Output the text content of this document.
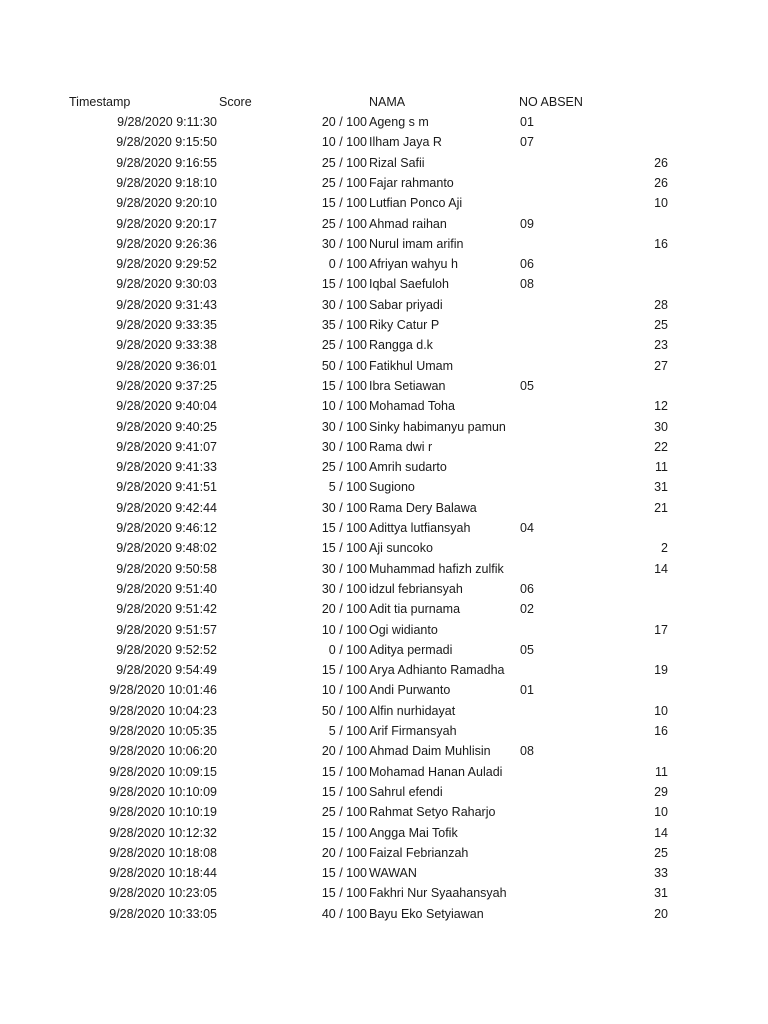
Timestamp	Score	NAMA	NO ABSEN
9/28/2020 9:11:30	20 / 100 Ageng s m	01
9/28/2020 9:15:50	10 / 100 Ilham Jaya R	07
9/28/2020 9:16:55	25 / 100 Rizal Safii	26
9/28/2020 9:18:10	25 / 100 Fajar rahmanto	26
9/28/2020 9:20:10	15 / 100 Lutfian Ponco Aji	10
9/28/2020 9:20:17	25 / 100 Ahmad raihan	09
9/28/2020 9:26:36	30 / 100 Nurul imam arifin	16
9/28/2020 9:29:52	0 / 100 Afriyan wahyu h	06
9/28/2020 9:30:03	15 / 100 Iqbal Saefuloh	08
9/28/2020 9:31:43	30 / 100 Sabar priyadi	28
9/28/2020 9:33:35	35 / 100 Riky Catur P	25
9/28/2020 9:33:38	25 / 100 Rangga d.k	23
9/28/2020 9:36:01	50 / 100 Fatikhul Umam	27
9/28/2020 9:37:25	15 / 100 Ibra Setiawan	05
9/28/2020 9:40:04	10 / 100 Mohamad Toha	12
9/28/2020 9:40:25	30 / 100 Sinky habimanyu pamun	30
9/28/2020 9:41:07	30 / 100 Rama dwi r	22
9/28/2020 9:41:33	25 / 100 Amrih sudarto	11
9/28/2020 9:41:51	5 / 100 Sugiono	31
9/28/2020 9:42:44	30 / 100 Rama Dery Balawa	21
9/28/2020 9:46:12	15 / 100 Adittya lutfiansyah	04
9/28/2020 9:48:02	15 / 100 Aji suncoko	2
9/28/2020 9:50:58	30 / 100 Muhammad hafizh zulfik	14
9/28/2020 9:51:40	30 / 100 idzul febriansyah	06
9/28/2020 9:51:42	20 / 100 Adit tia purnama	02
9/28/2020 9:51:57	10 / 100 Ogi widianto	17
9/28/2020 9:52:52	0 / 100 Aditya permadi	05
9/28/2020 9:54:49	15 / 100 Arya Adhianto Ramadha	19
9/28/2020 10:01:46	10 / 100 Andi Purwanto	01
9/28/2020 10:04:23	50 / 100 Alfin nurhidayat	10
9/28/2020 10:05:35	5 / 100 Arif Firmansyah	16
9/28/2020 10:06:20	20 / 100 Ahmad Daim Muhlisin	08
9/28/2020 10:09:15	15 / 100 Mohamad Hanan Auladi	11
9/28/2020 10:10:09	15 / 100 Sahrul efendi	29
9/28/2020 10:10:19	25 / 100 Rahmat Setyo Raharjo	10
9/28/2020 10:12:32	15 / 100 Angga Mai Tofik	14
9/28/2020 10:18:08	20 / 100 Faizal Febrianzah	25
9/28/2020 10:18:44	15 / 100 WAWAN	33
9/28/2020 10:23:05	15 / 100 Fakhri Nur Syaahansyah	31
9/28/2020 10:33:05	40 / 100 Bayu Eko Setyiawan	20
